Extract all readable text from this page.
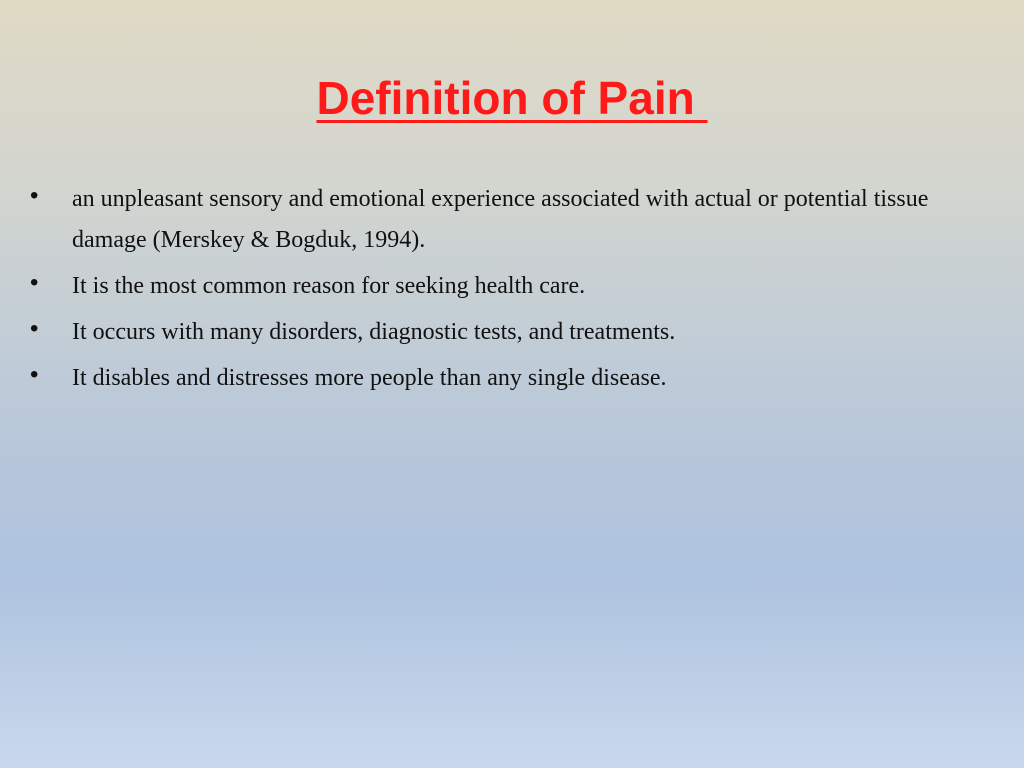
Definition of Pain
• an unpleasant sensory and emotional experience associated with actual or potential tissue damage (Merskey & Bogduk, 1994).
• It is the most common reason for seeking health care.
• It occurs with many disorders, diagnostic tests, and treatments.
• It disables and distresses more people than any single disease.
